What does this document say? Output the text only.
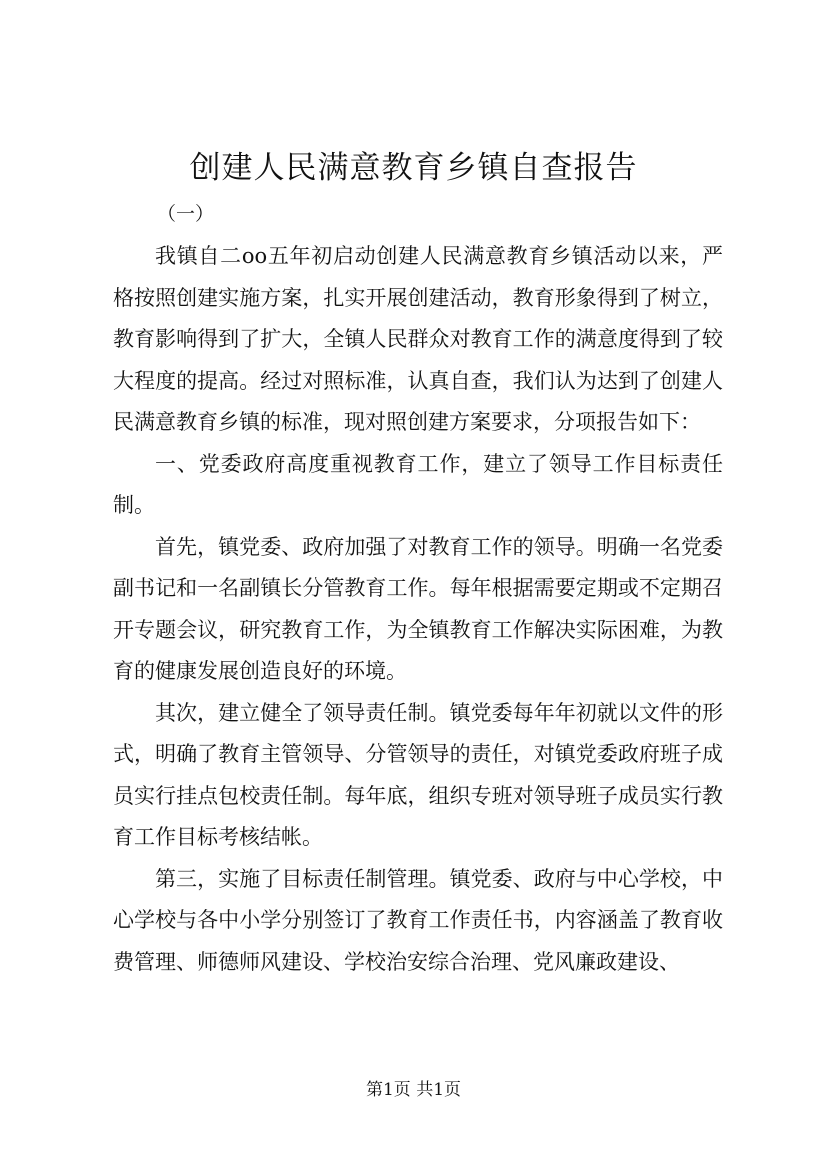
创建人民满意教育乡镇自查报告
（一）

我镇自二oo五年初启动创建人民满意教育乡镇活动以来，严格按照创建实施方案，扎实开展创建活动，教育形象得到了树立，教育影响得到了扩大，全镇人民群众对教育工作的满意度得到了较大程度的提高。经过对照标准，认真自查，我们认为达到了创建人民满意教育乡镇的标准，现对照创建方案要求，分项报告如下：

一、党委政府高度重视教育工作，建立了领导工作目标责任制。

首先，镇党委、政府加强了对教育工作的领导。明确一名党委副书记和一名副镇长分管教育工作。每年根据需要定期或不定期召开专题会议，研究教育工作，为全镇教育工作解决实际困难，为教育的健康发展创造良好的环境。

其次，建立健全了领导责任制。镇党委每年年初就以文件的形式，明确了教育主管领导、分管领导的责任，对镇党委政府班子成员实行挂点包校责任制。每年底，组织专班对领导班子成员实行教育工作目标考核结帐。

第三，实施了目标责任制管理。镇党委、政府与中心学校，中心学校与各中小学分别签订了教育工作责任书，内容涵盖了教育收费管理、师德师风建设、学校治安综合治理、党风廉政建设、

第1页 共1页
